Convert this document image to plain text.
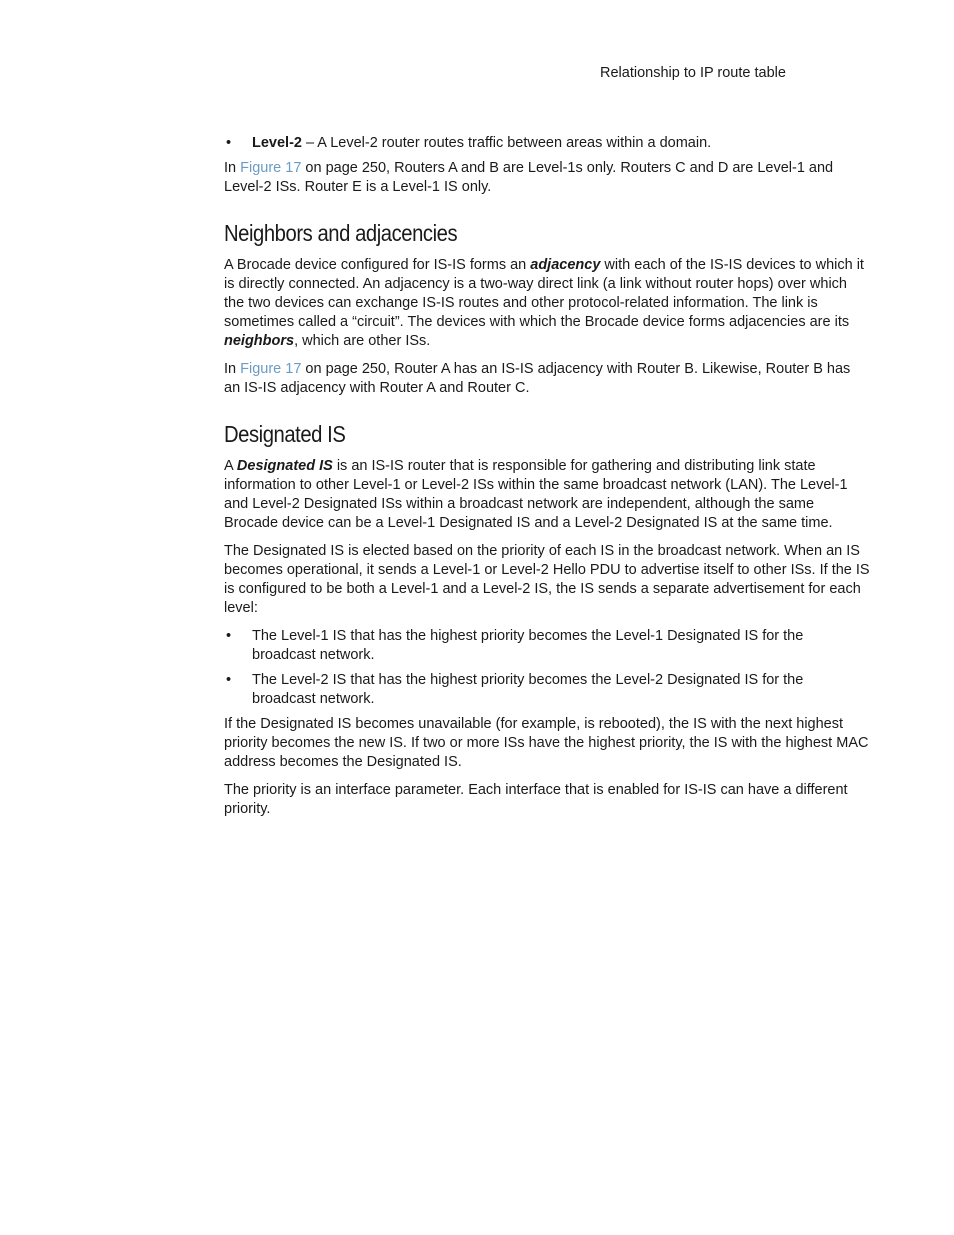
Relationship to IP route table
• Level-2 – A Level-2 router routes traffic between areas within a domain.

In Figure 17 on page 250, Routers A and B are Level-1s only. Routers C and D are Level-1 and Level-2 ISs. Router E is a Level-1 IS only.

Neighbors and adjacencies

A Brocade device configured for IS-IS forms an adjacency with each of the IS-IS devices to which it is directly connected. An adjacency is a two-way direct link (a link without router hops) over which the two devices can exchange IS-IS routes and other protocol-related information. The link is sometimes called a “circuit”. The devices with which the Brocade device forms adjacencies are its neighbors, which are other ISs.

In Figure 17 on page 250, Router A has an IS-IS adjacency with Router B. Likewise, Router B has an IS-IS adjacency with Router A and Router C.

Designated IS

A Designated IS is an IS-IS router that is responsible for gathering and distributing link state information to other Level-1 or Level-2 ISs within the same broadcast network (LAN). The Level-1 and Level-2 Designated ISs within a broadcast network are independent, although the same Brocade device can be a Level-1 Designated IS and a Level-2 Designated IS at the same time.

The Designated IS is elected based on the priority of each IS in the broadcast network. When an IS becomes operational, it sends a Level-1 or Level-2 Hello PDU to advertise itself to other ISs. If the IS is configured to be both a Level-1 and a Level-2 IS, the IS sends a separate advertisement for each level:

• The Level-1 IS that has the highest priority becomes the Level-1 Designated IS for the broadcast network.
• The Level-2 IS that has the highest priority becomes the Level-2 Designated IS for the broadcast network.

If the Designated IS becomes unavailable (for example, is rebooted), the IS with the next highest priority becomes the new IS. If two or more ISs have the highest priority, the IS with the highest MAC address becomes the Designated IS.

The priority is an interface parameter. Each interface that is enabled for IS-IS can have a different priority.
